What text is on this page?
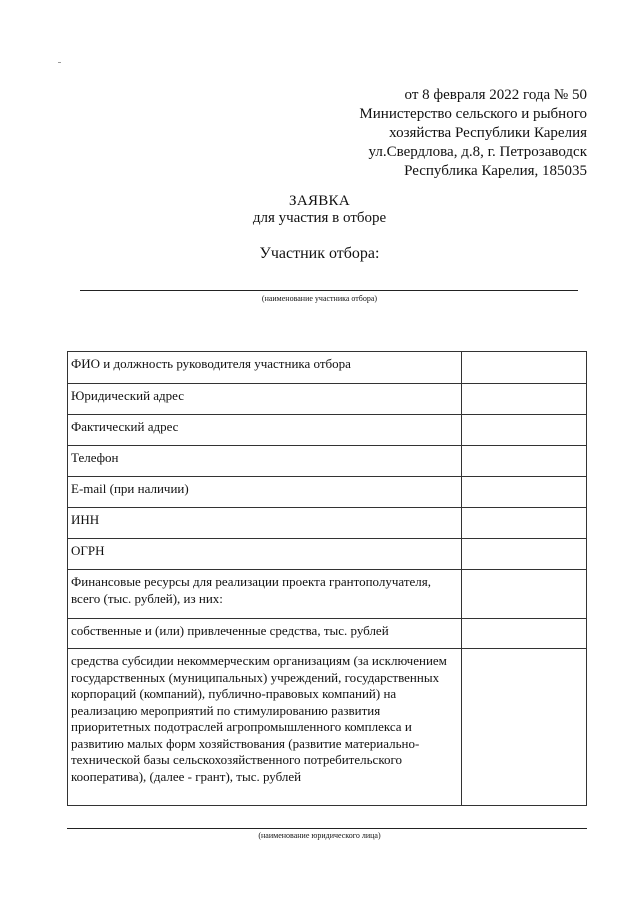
от 8 февраля 2022 года № 50
Министерство сельского и рыбного
хозяйства Республики Карелия
ул.Свердлова, д.8, г. Петрозаводск
Республика Карелия, 185035
ЗАЯВКА
для участия в отборе
Участник отбора:
(наименование участника отбора)
ФИО и должность руководителя участника отбора	
Юридический адрес	
Фактический адрес	
Телефон	
E-mail (при наличии)	
ИНН	
ОГРН	
Финансовые ресурсы для реализации проекта грантополучателя, всего (тыс. рублей), из них:	
собственные и (или) привлеченные средства, тыс. рублей	
средства субсидии некоммерческим организациям (за исключением государственных (муниципальных) учреждений, государственных корпораций (компаний), публично-правовых компаний) на реализацию мероприятий по стимулированию развития приоритетных подотраслей агропромышленного комплекса и развитию малых форм хозяйствования (развитие материально-технической базы сельскохозяйственного потребительского кооператива), (далее - грант), тыс. рублей	
(наименование юридического лица)
